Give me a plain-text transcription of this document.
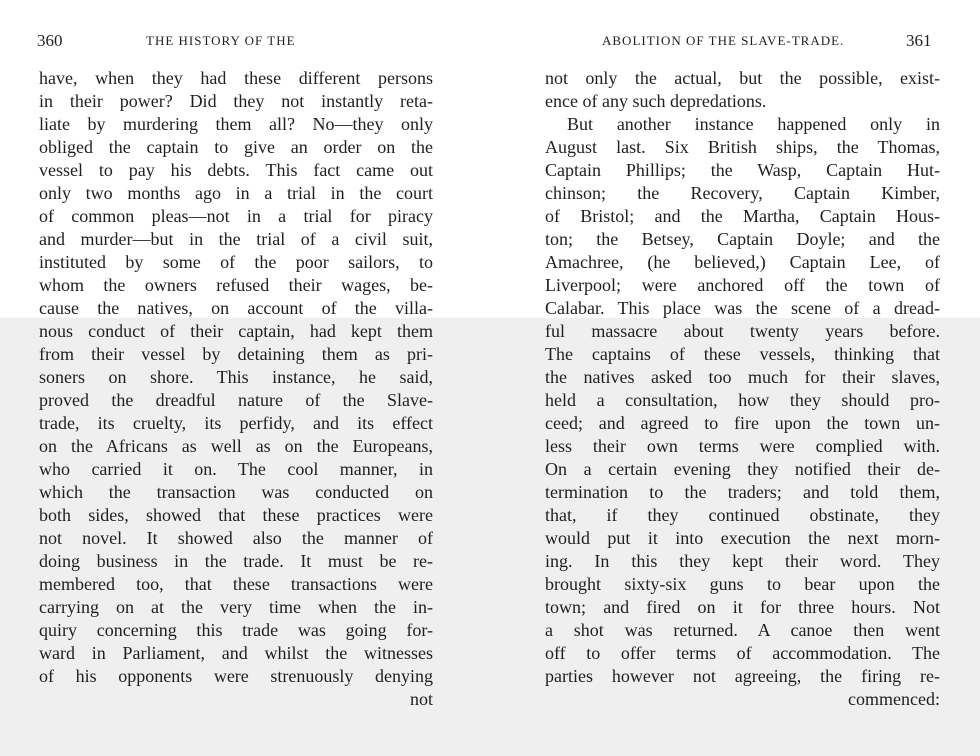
360	THE HISTORY OF THE
have, when they had these different persons
in their power? Did they not instantly reta-
liate by murdering them all? No—they only
obliged the captain to give an order on the
vessel to pay his debts. This fact came out
only two months ago in a trial in the court
of common pleas—not in a trial for piracy
and murder—but in the trial of a civil suit,
instituted by some of the poor sailors, to
whom the owners refused their wages, be-
cause the natives, on account of the villa-
nous conduct of their captain, had kept them
from their vessel by detaining them as pri-
soners on shore. This instance, he said,
proved the dreadful nature of the Slave-
trade, its cruelty, its perfidy, and its effect
on the Africans as well as on the Europeans,
who carried it on. The cool manner, in
which the transaction was conducted on
both sides, showed that these practices were
not novel. It showed also the manner of
doing business in the trade. It must be re-
membered too, that these transactions were
carrying on at the very time when the in-
quiry concerning this trade was going for-
ward in Parliament, and whilst the witnesses
of his opponents were strenuously denying
not
ABOLITION OF THE SLAVE-TRADE.	361
not only the actual, but the possible, exist-
ence of any such depredations.
But another instance happened only in
August last. Six British ships, the Thomas,
Captain Phillips; the Wasp, Captain Hut-
chinson; the Recovery, Captain Kimber,
of Bristol; and the Martha, Captain Hous-
ton; the Betsey, Captain Doyle; and the
Amachree, (he believed,) Captain Lee, of
Liverpool; were anchored off the town of
Calabar. This place was the scene of a dread-
ful massacre about twenty years before.
The captains of these vessels, thinking that
the natives asked too much for their slaves,
held a consultation, how they should pro-
ceed; and agreed to fire upon the town un-
less their own terms were complied with.
On a certain evening they notified their de-
termination to the traders; and told them,
that, if they continued obstinate, they
would put it into execution the next morn-
ing. In this they kept their word. They
brought sixty-six guns to bear upon the
town; and fired on it for three hours. Not
a shot was returned. A canoe then went
off to offer terms of accommodation. The
parties however not agreeing, the firing re-
commenced:
